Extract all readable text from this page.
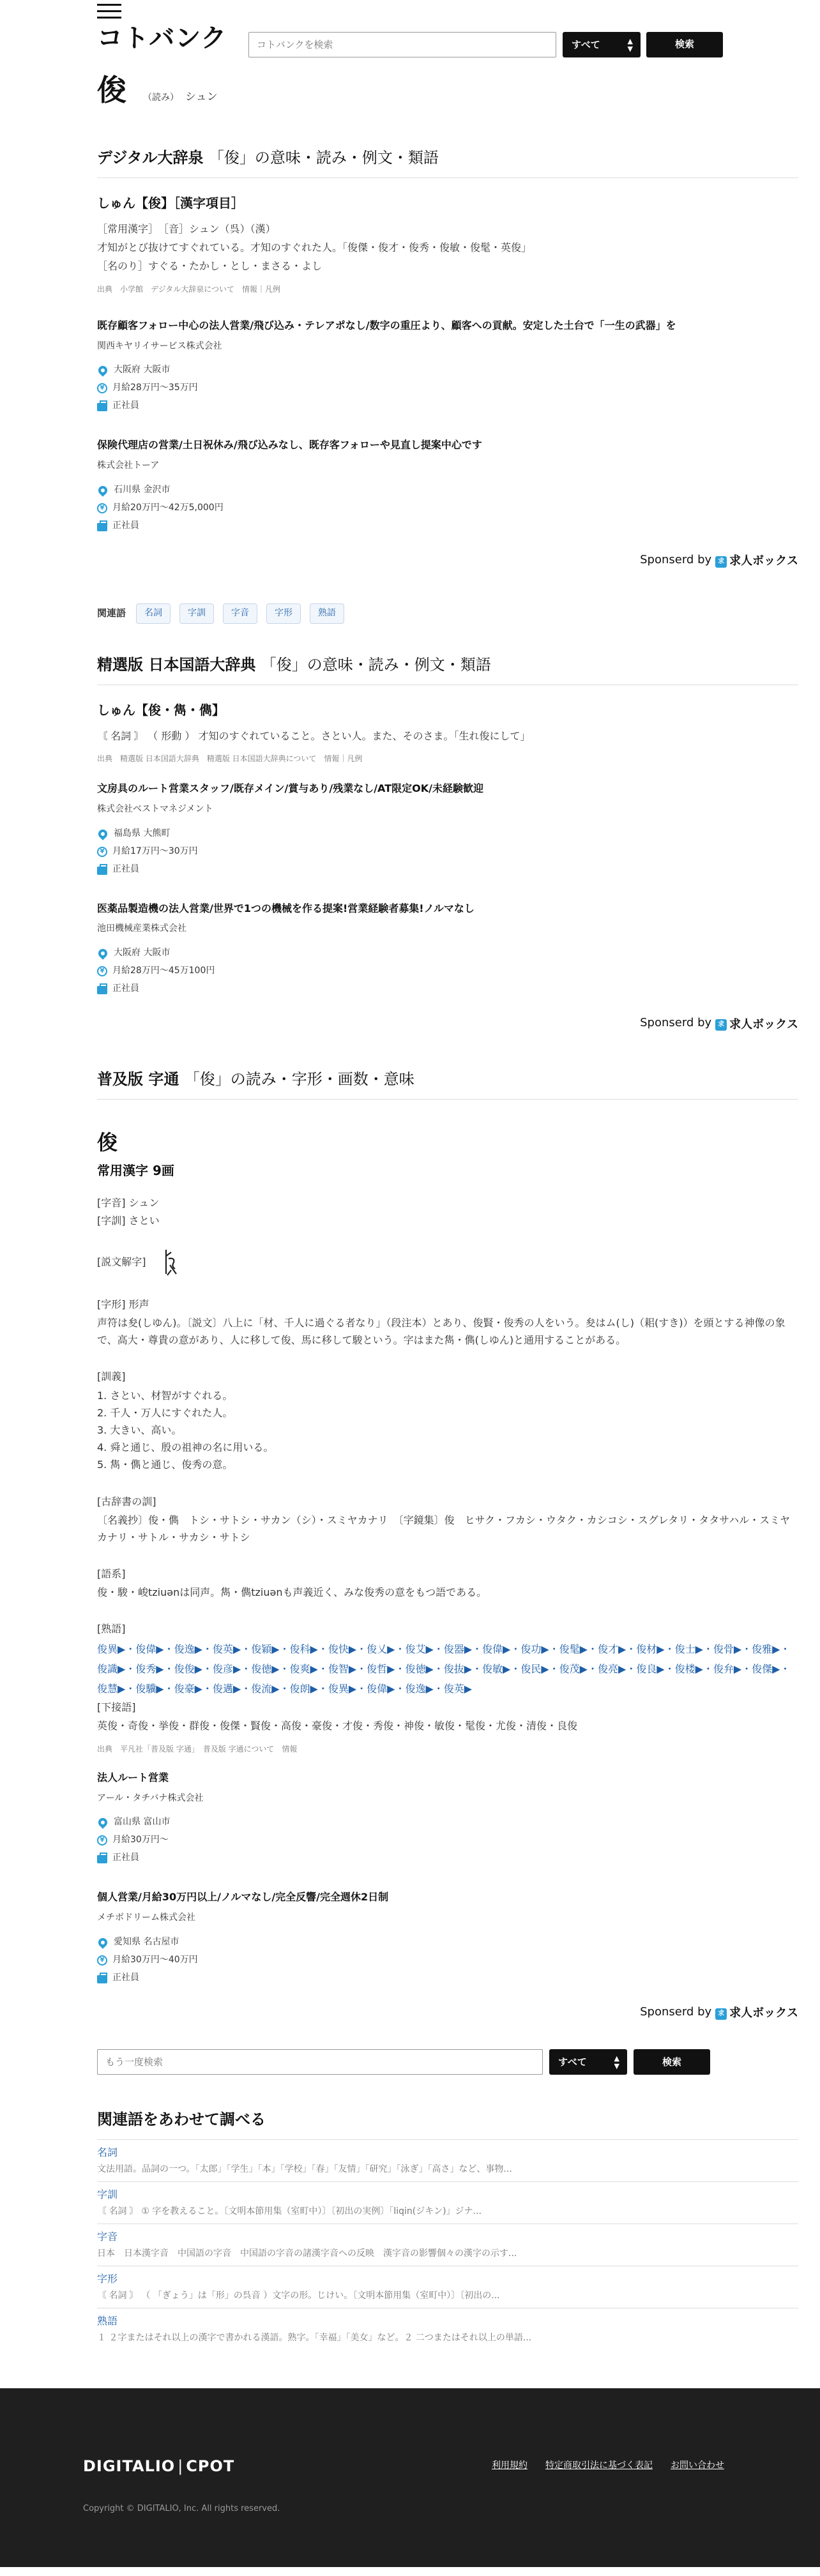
コトバンク
コトバンクを検索	すべて	▲
▼	検索
俊 （読み） シュン
デジタル大辞泉 「俊」の意味・読み・例文・類語
しゅん【俊】［漢字項目］

［常用漢字］　［音］シュン（呉）（漢）

才知がとび抜けてすぐれている。才知のすぐれた人。「俊傑・俊才・俊秀・俊敏・俊髦・英俊」

［名のり］すぐる・たかし・とし・まさる・よし

出典　小学館　デジタル大辞泉について　情報｜凡例
既存顧客フォロー中心の法人営業/飛び込み・テレアポなし/数字の重圧より、顧客への貢献。安定した土台で「一生の武器」を
関西キヤリイサービス株式会社
大阪府 大阪市
¥ 月給28万円～35万円
正社員
保険代理店の営業/土日祝休み/飛び込みなし、既存客フォローや見直し提案中心です
株式会社トーア
石川県 金沢市
¥ 月給20万円～42万5,000円
正社員
Sponserd by	求 求人ボックス
関連語	名詞	字訓	字音	字形	熟語
精選版 日本国語大辞典 「俊」の意味・読み・例文・類語
しゅん【俊・雋・儁】
〘 名詞 〙 （ 形動 ） 才知のすぐれていること。さとい人。また、そのさま。「生れ俊にして」
出典　精選版 日本国語大辞典　精選版 日本国語大辞典について　情報｜凡例
文房具のルート営業スタッフ/既存メイン/賞与あり/残業なし/AT限定OK/未経験歓迎
株式会社ベストマネジメント
福島県 大熊町
¥ 月給17万円～30万円
正社員
医薬品製造機の法人営業/世界で1つの機械を作る提案!営業経験者募集!ノルマなし
池田機械産業株式会社
大阪府 大阪市
¥ 月給28万円～45万100円
正社員
Sponserd by	求 求人ボックス
普及版 字通 「俊」の読み・字形・画数・意味
俊
常用漢字 9画
[字音] シュン
[字訓] さとい
[説文解字]
[字形] 形声
声符は夋(しゆん)。〔説文〕八上に「材、千人に過ぐる者なり」（段注本）とあり、俊賢・俊秀の人をいう。夋はム(し)（耜(すき)）を頭とする神像の象で、高大・尊貴の意があり、人に移して俊、馬に移して駿という。字はまた雋・儁(しゆん)と通用することがある。
[訓義]
1. さとい、材智がすぐれる。
2. 千人・万人にすぐれた人。
3. 大きい、高い。
4. 舜と通じ、殷の祖神の名に用いる。
5. 雋・儁と通じ、俊秀の意。
[古辞書の訓]
〔名義抄〕俊・儁　トシ・サトシ・サカン（シ）・スミヤカナリ　〔字鏡集〕俊　ヒサク・フカシ・ウタク・カシコシ・スグレタリ・タタサハル・スミヤカナリ・サトル・サカシ・サトシ
[語系]
俊・駿・峻tziuənは同声。雋・儁tziuənも声義近く、みな俊秀の意をもつ語である。
[熟語]
俊異▶・俊偉▶・俊逸▶・俊英▶・俊穎▶・俊科▶・俊快▶・俊乂▶・俊艾▶・俊器▶・俊偉▶・俊功▶・俊髦▶・俊才▶・俊材▶・俊士▶・俊骨▶・俊雅▶・俊識▶・俊秀▶・俊俊▶・俊彦▶・俊徳▶・俊爽▶・俊智▶・俊哲▶・俊徳▶・俊抜▶・俊敏▶・俊民▶・俊茂▶・俊亮▶・俊良▶・俊楼▶・俊弁▶・俊傑▶・俊慧▶・俊驥▶・俊豪▶・俊邁▶・俊流▶・俊朗▶・俊異▶・俊偉▶・俊逸▶・俊英▶
[下接語]
英俊・奇俊・挙俊・群俊・俊傑・賢俊・高俊・豪俊・才俊・秀俊・神俊・敏俊・髦俊・尤俊・清俊・良俊
出典　平凡社「普及版 字通」　普及版 字通について　情報
法人ルート営業
アール・タチバナ株式会社
富山県 富山市
¥ 月給30万円～
正社員
個人営業/月給30万円以上/ノルマなし/完全反響/完全週休2日制
メチボドリーム株式会社
愛知県 名古屋市
¥ 月給30万円～40万円
正社員
Sponserd by	求 求人ボックス
もう一度検索
すべて	▲
▼	検索
関連語をあわせて調べる
名詞
文法用語。品詞の一つ。「太郎」「学生」「本」「学校」「春」「友情」「研究」「泳ぎ」「高さ」など、事物...
字訓
〘 名詞 〙 ① 字を教えること。〔文明本節用集（室町中）〕〔初出の実例〕「liqin(ジキン)」ジナ...
字音
日本　日本漢字音　中国語の字音　中国語の字音の諸漢字音への反映　漢字音の影響個々の漢字の示す...
字形
〘 名詞 〙 （ 「ぎょう」は「形」の呉音 ）文字の形。じけい。〔文明本節用集（室町中）〕〔初出の...
熟語
１ ２字またはそれ以上の漢字で書かれる漢語。熟字。「幸福」「美女」など。２ 二つまたはそれ以上の単語...
DIGITALIO | CPOT	利用規約 特定商取引法に基づく表記 お問い合わせ
Copyright © DIGITALIO, Inc. All rights reserved.
